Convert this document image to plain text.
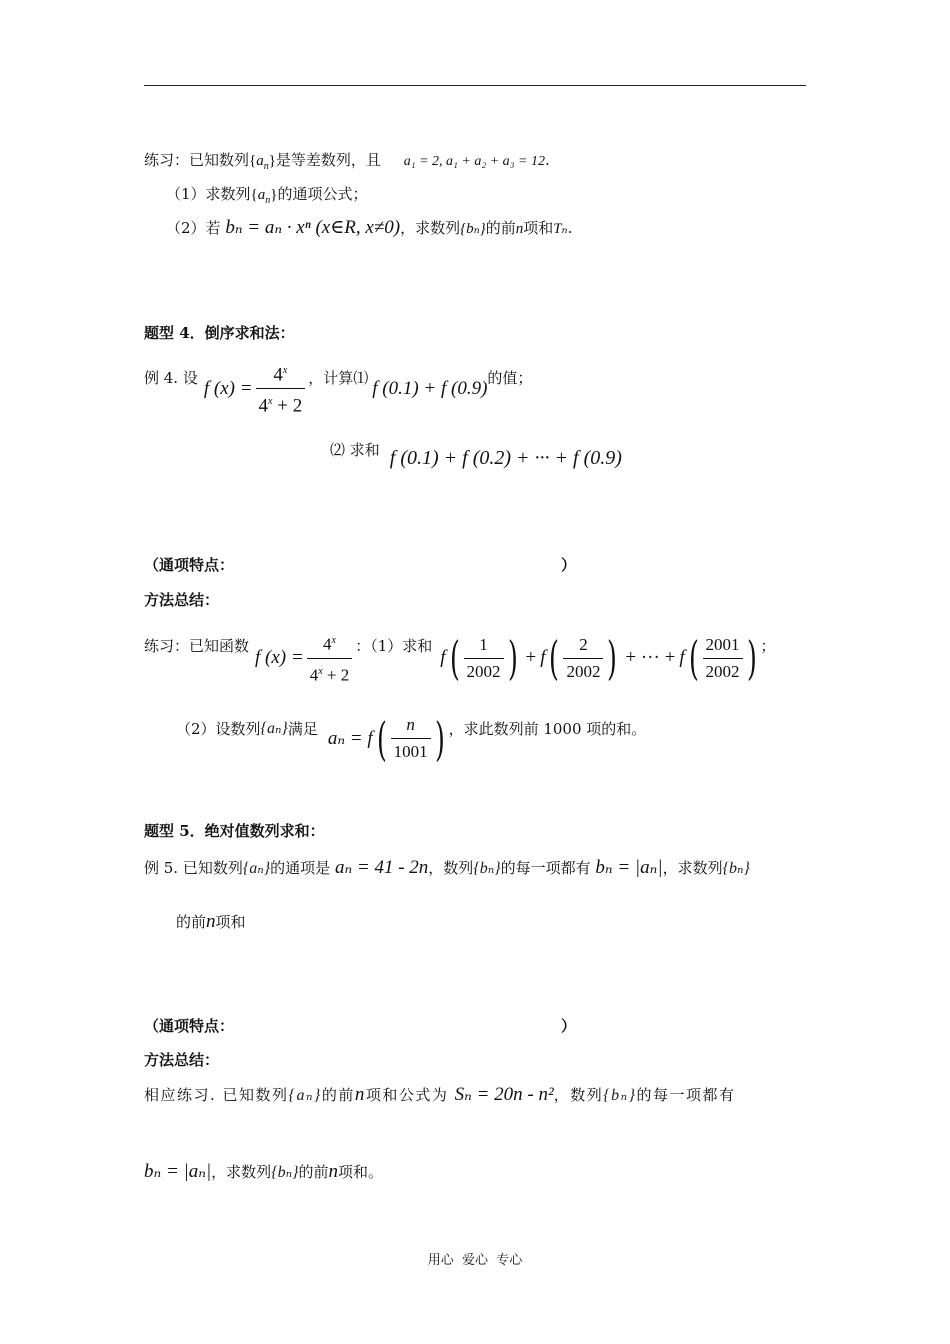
练习：已知数列$\{a_n\}$是等差数列，且 a₁ = 2, a₁ + a₂ + a₃ = 12.
（1）求数列$\{a_n\}$的通项公式；
（2）若 bₙ = aₙ · xⁿ (x∈R, x≠0)，求数列{bₙ}的前n项和Tₙ.
题型 4．倒序求和法：
例 4. 设 f $(x) = \frac{4^x}{4^x + 2}$ ，计算⑴ f (0.1) + f (0.9) 的值；
⑵ 求和 f (0.1) + f (0.2) + ··· + f (0.9)
（通项特点：	）
方法总结：
练习：已知函数
f $(x) = \frac{4^x}{4^x + 2}$ ：（1）求和
f ( $\frac{1}{2002}$ ) + f ( $\frac{2}{2002}$ ) + ··· + f ( $\frac{2001}{2002}$ ) ；
（2）设数列 {aₙ} 满足 aₙ = f ( $\frac{n}{1001}$ ) ，求此数列前 1000 项的和。
题型 5．绝对值数列求和：
例 5. 已知数列{aₙ}的通项是 aₙ = 41 - 2n，数列{bₙ}的每一项都有 bₙ = |aₙ|，求数列{bₙ}
的前n项和
（通项特点：	）
方法总结：
相应练习. 已知数列{aₙ}的前n项和公式为 Sₙ = 20n - n²，数列{bₙ}的每一项都有
bₙ = |aₙ|，求数列{bₙ}的前n项和。
用心  爱心  专心
